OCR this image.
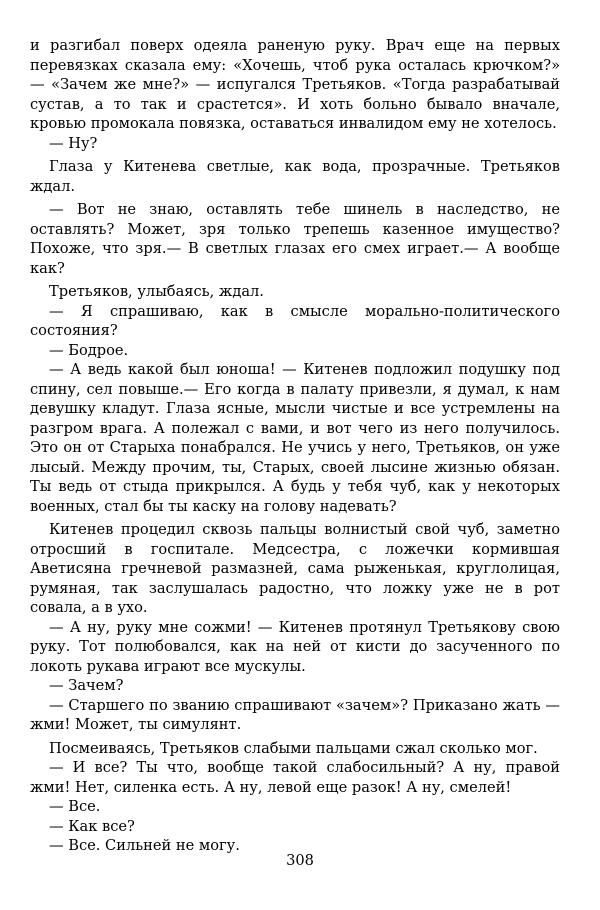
и разгибал поверх одеяла раненую руку. Врач еще на первых перевязках сказала ему: «Хочешь, чтоб рука осталась крючком?» — «Зачем же мне?» — испугался Третьяков. «Тогда разрабатывай сустав, а то так и срастется». И хоть больно бывало вначале, кровью промокала повязка, оставаться инвалидом ему не хотелось.

— Ну?

Глаза у Китенева светлые, как вода, прозрачные. Третьяков ждал.

— Вот не знаю, оставлять тебе шинель в наследство, не оставлять? Может, зря только трепешь казенное имущество? Похоже, что зря.— В светлых глазах его смех играет.— А вообще как?

Третьяков, улыбаясь, ждал.

— Я спрашиваю, как в смысле морально-политического состояния?

— Бодрое.

— А ведь какой был юноша! — Китенев подложил подушку под спину, сел повыше.— Его когда в палату привезли, я думал, к нам девушку кладут. Глаза ясные, мысли чистые и все устремлены на разгром врага. А полежал с вами, и вот чего из него получилось. Это он от Старыха понабрался. Не учись у него, Третьяков, он уже лысый. Между прочим, ты, Старых, своей лысине жизнью обязан. Ты ведь от стыда прикрылся. А будь у тебя чуб, как у некоторых военных, стал бы ты каску на голову надевать?

Китенев процедил сквозь пальцы волнистый свой чуб, заметно отросший в госпитале. Медсестра, с ложечки кормившая Аветисяна гречневой размазней, сама рыженькая, круглолицая, румяная, так заслушалась радостно, что ложку уже не в рот совала, а в ухо.

— А ну, руку мне сожми! — Китенев протянул Третьякову свою руку. Тот полюбовался, как на ней от кисти до засученного по локоть рукава играют все мускулы.

— Зачем?

— Старшего по званию спрашивают «зачем»? Приказано жать — жми! Может, ты симулянт.

Посмеиваясь, Третьяков слабыми пальцами сжал сколько мог.

— И все? Ты что, вообще такой слабосильный? А ну, правой жми! Нет, силенка есть. А ну, левой еще разок! А ну, смелей!

— Все.

— Как все?

— Все. Сильней не могу.

308
